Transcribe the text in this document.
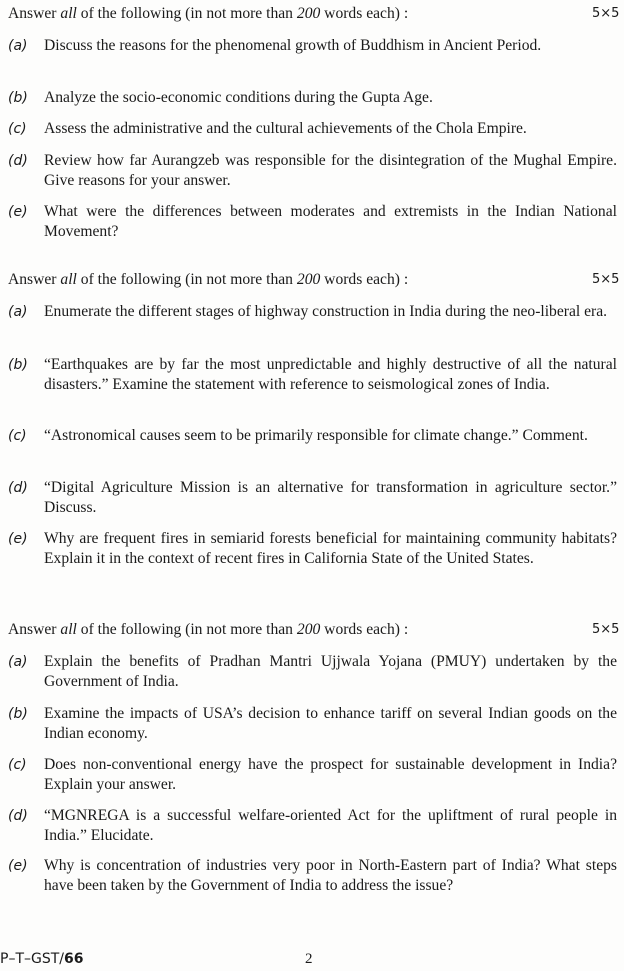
Answer all of the following (in not more than 200 words each) :	5×5
(a) Discuss the reasons for the phenomenal growth of Buddhism in Ancient Period.
(b) Analyze the socio-economic conditions during the Gupta Age.
(c) Assess the administrative and the cultural achievements of the Chola Empire.
(d) Review how far Aurangzeb was responsible for the disintegration of the Mughal Empire. Give reasons for your answer.
(e) What were the differences between moderates and extremists in the Indian National Movement?
Answer all of the following (in not more than 200 words each) :	5×5
(a) Enumerate the different stages of highway construction in India during the neo-liberal era.
(b) “Earthquakes are by far the most unpredictable and highly destructive of all the natural disasters.” Examine the statement with reference to seismological zones of India.
(c) “Astronomical causes seem to be primarily responsible for climate change.” Comment.
(d) “Digital Agriculture Mission is an alternative for transformation in agriculture sector.” Discuss.
(e) Why are frequent fires in semiarid forests beneficial for maintaining community habitats? Explain it in the context of recent fires in California State of the United States.
Answer all of the following (in not more than 200 words each) :	5×5
(a) Explain the benefits of Pradhan Mantri Ujjwala Yojana (PMUY) undertaken by the Government of India.
(b) Examine the impacts of USA’s decision to enhance tariff on several Indian goods on the Indian economy.
(c) Does non-conventional energy have the prospect for sustainable development in India? Explain your answer.
(d) “MGNREGA is a successful welfare-oriented Act for the upliftment of rural people in India.” Elucidate.
(e) Why is concentration of industries very poor in North-Eastern part of India? What steps have been taken by the Government of India to address the issue?
P–T–GST/66	2
